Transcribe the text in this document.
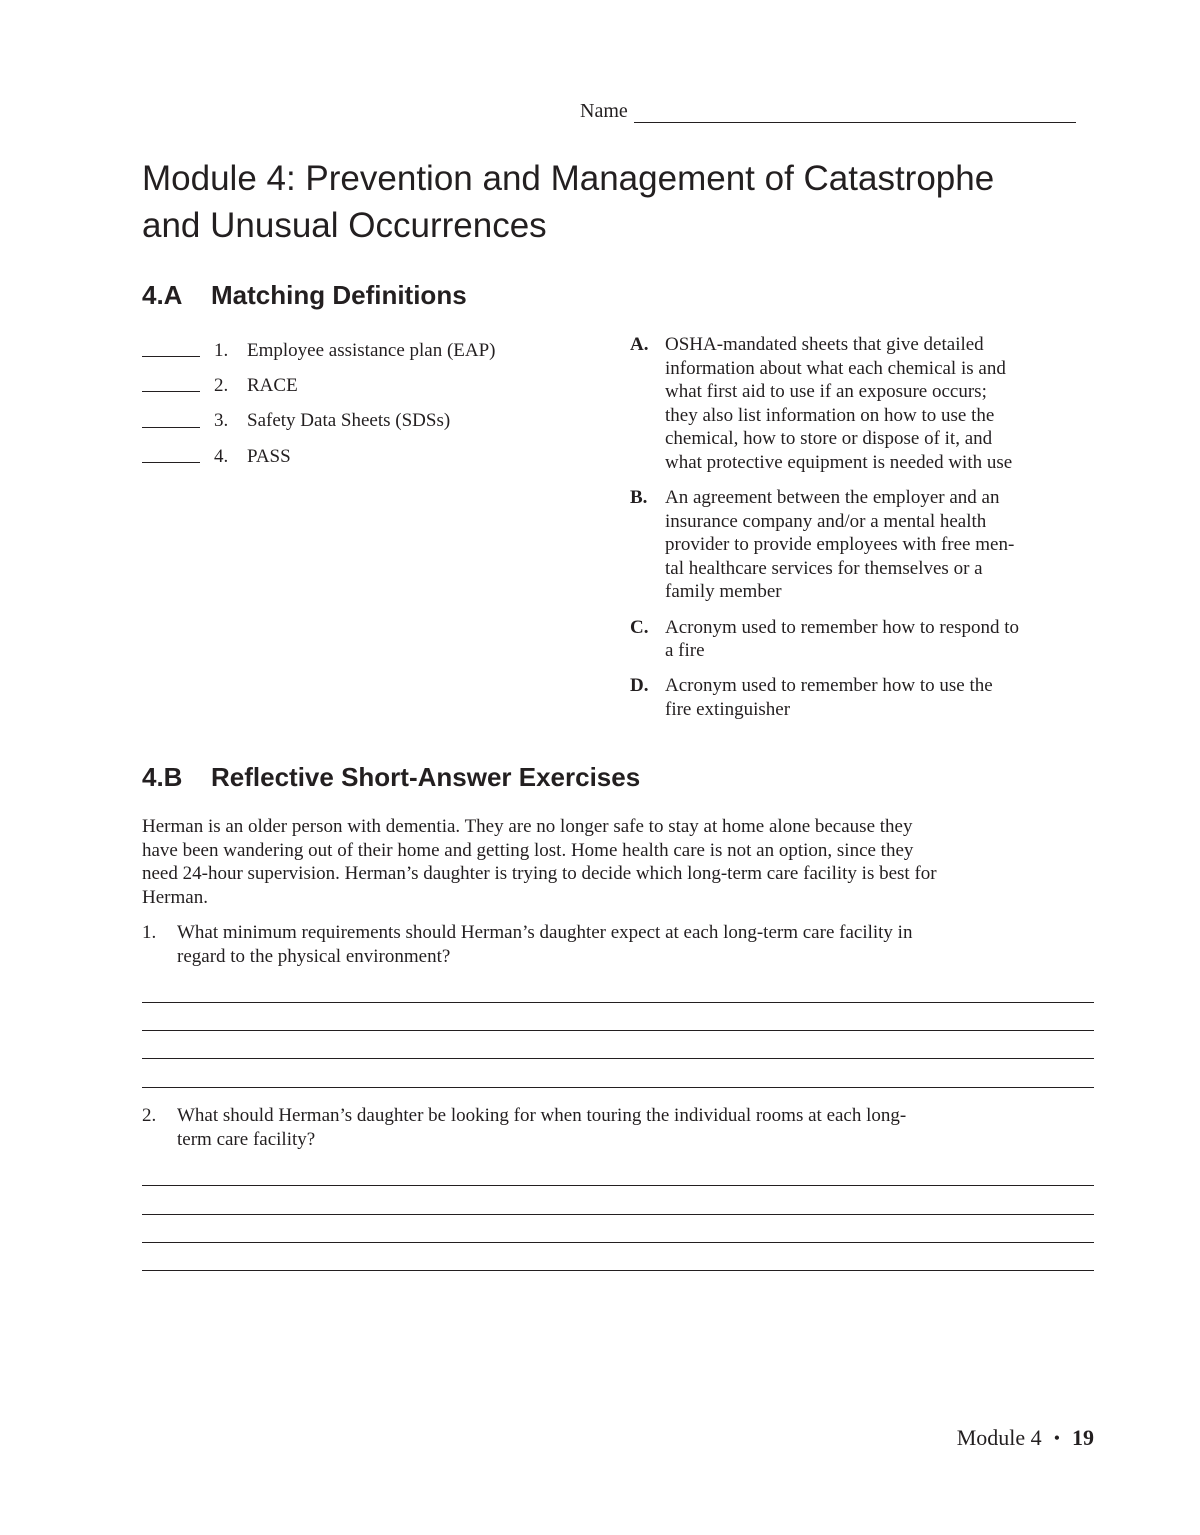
Name
Module 4: Prevention and Management of Catastrophe
and Unusual Occurrences
4.A Matching Definitions
1. Employee assistance plan (EAP)
2. RACE
3. Safety Data Sheets (SDSs)
4. PASS
A. OSHA-mandated sheets that give detailed
information about what each chemical is and
what first aid to use if an exposure occurs;
they also list information on how to use the
chemical, how to store or dispose of it, and
what protective equipment is needed with use
B. An agreement between the employer and an
insurance company and/or a mental health
provider to provide employees with free men-
tal healthcare services for themselves or a
family member
C. Acronym used to remember how to respond to
a fire
D. Acronym used to remember how to use the
fire extinguisher
4.B Reflective Short-Answer Exercises

Herman is an older person with dementia. They are no longer safe to stay at home alone because they
have been wandering out of their home and getting lost. Home health care is not an option, since they
need 24-hour supervision. Herman’s daughter is trying to decide which long-term care facility is best for
Herman.

1.	What minimum requirements should Herman’s daughter expect at each long-term care facility in
regard to the physical environment?
2.	What should Herman’s daughter be looking for when touring the individual rooms at each long-
term care facility?
Module 4 • 19
